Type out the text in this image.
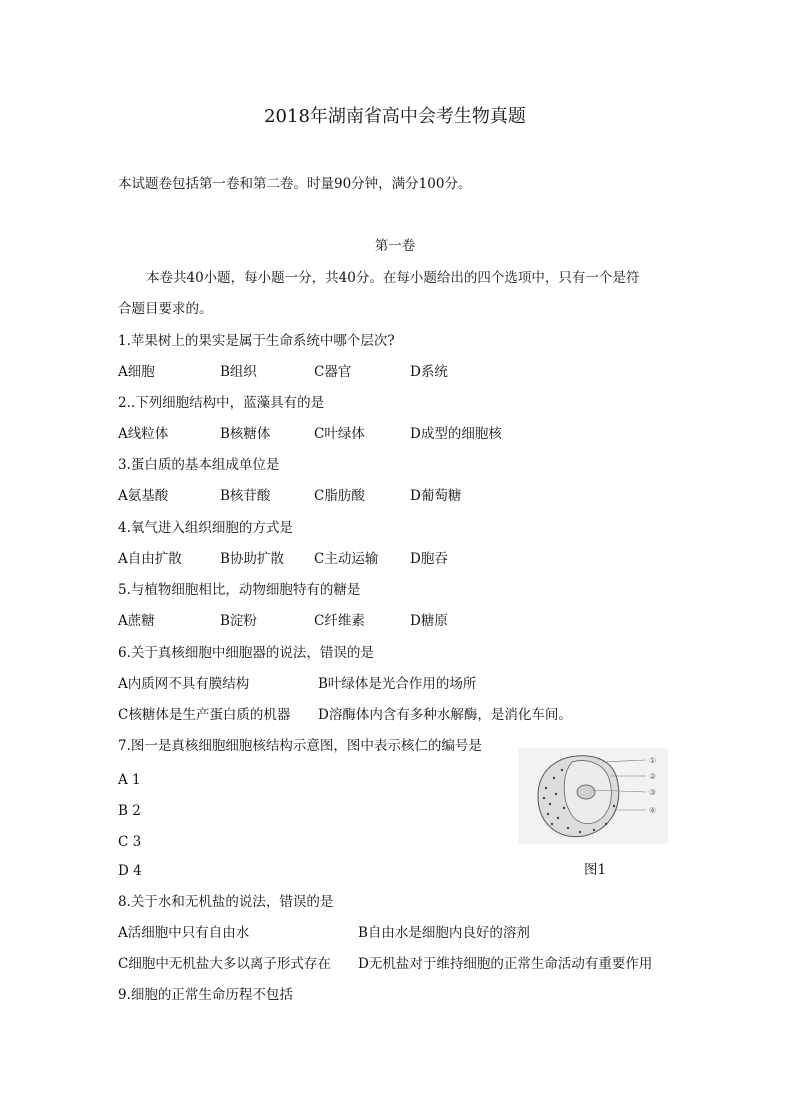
2018年湖南省高中会考生物真题
本试题卷包括第一卷和第二卷。时量90分钟，满分100分。
第一卷
本卷共40小题，每小题一分，共40分。在每小题给出的四个选项中，只有一个是符
合题目要求的。
1.苹果树上的果实是属于生命系统中哪个层次?
A细胞	B组织	C器官	D系统
2..下列细胞结构中，蓝藻具有的是
A线粒体	B核糖体	C叶绿体	D成型的细胞核
3.蛋白质的基本组成单位是
A氨基酸	B核苷酸	C脂肪酸	D葡萄糖
4.氧气进入组织细胞的方式是
A自由扩散	B协助扩散 C主动运输 D胞吞
5.与植物细胞相比，动物细胞特有的糖是
A蔗糖	B淀粉	C纤维素	D糖原
6.关于真核细胞中细胞器的说法，错误的是
A内质网不具有膜结构	B叶绿体是光合作用的场所
C核糖体是生产蛋白质的机器 D溶酶体内含有多种水解酶，是消化车间。
7.图一是真核细胞细胞核结构示意图，图中表示核仁的编号是
A 1
B 2
C 3
D 4
①
②
③
④
图1
8.关于水和无机盐的说法，错误的是
A活细胞中只有自由水	B自由水是细胞内良好的溶剂
C细胞中无机盐大多以离子形式存在 D无机盐对于维持细胞的正常生命活动有重要作用
9.细胞的正常生命历程不包括
